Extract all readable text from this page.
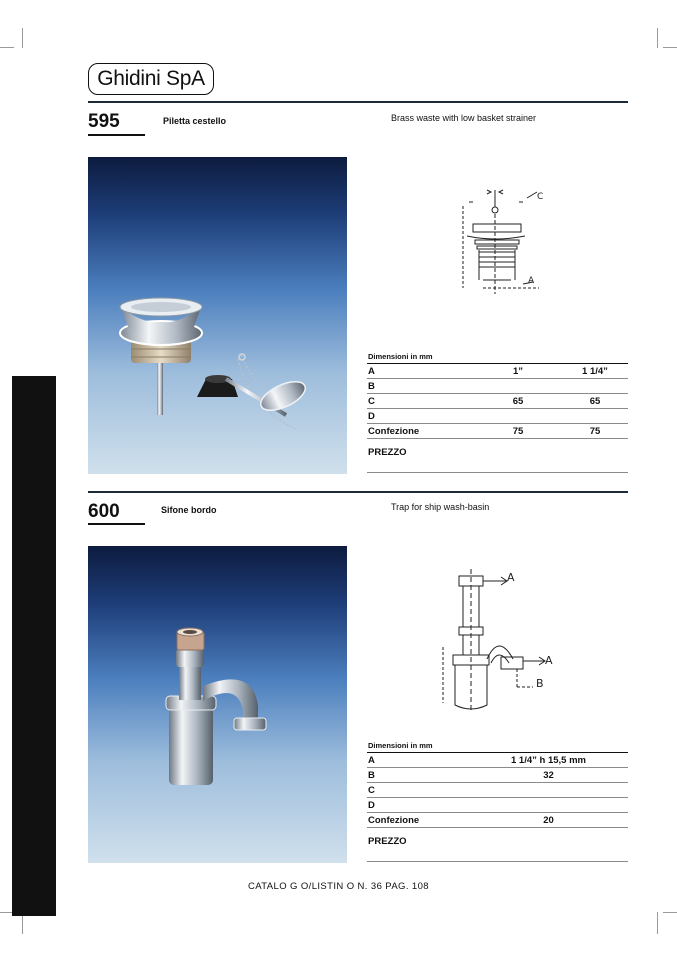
Ghidini SpA
595	Piletta cestello	Brass waste with low basket strainer
C
A
Dimensioni in mm		
A	1”	1 1/4”
B		
C	65	65
D		
Confezione	75	75
PREZZO
600	Sifone bordo	Trap for ship wash-basin
A
A
B
Dimensioni in mm	
A	1 1/4” h 15,5 mm
B	32
C	
D	
Confezione	20
PREZZO
CATALO G O/LISTIN O N. 36 PAG. 108
